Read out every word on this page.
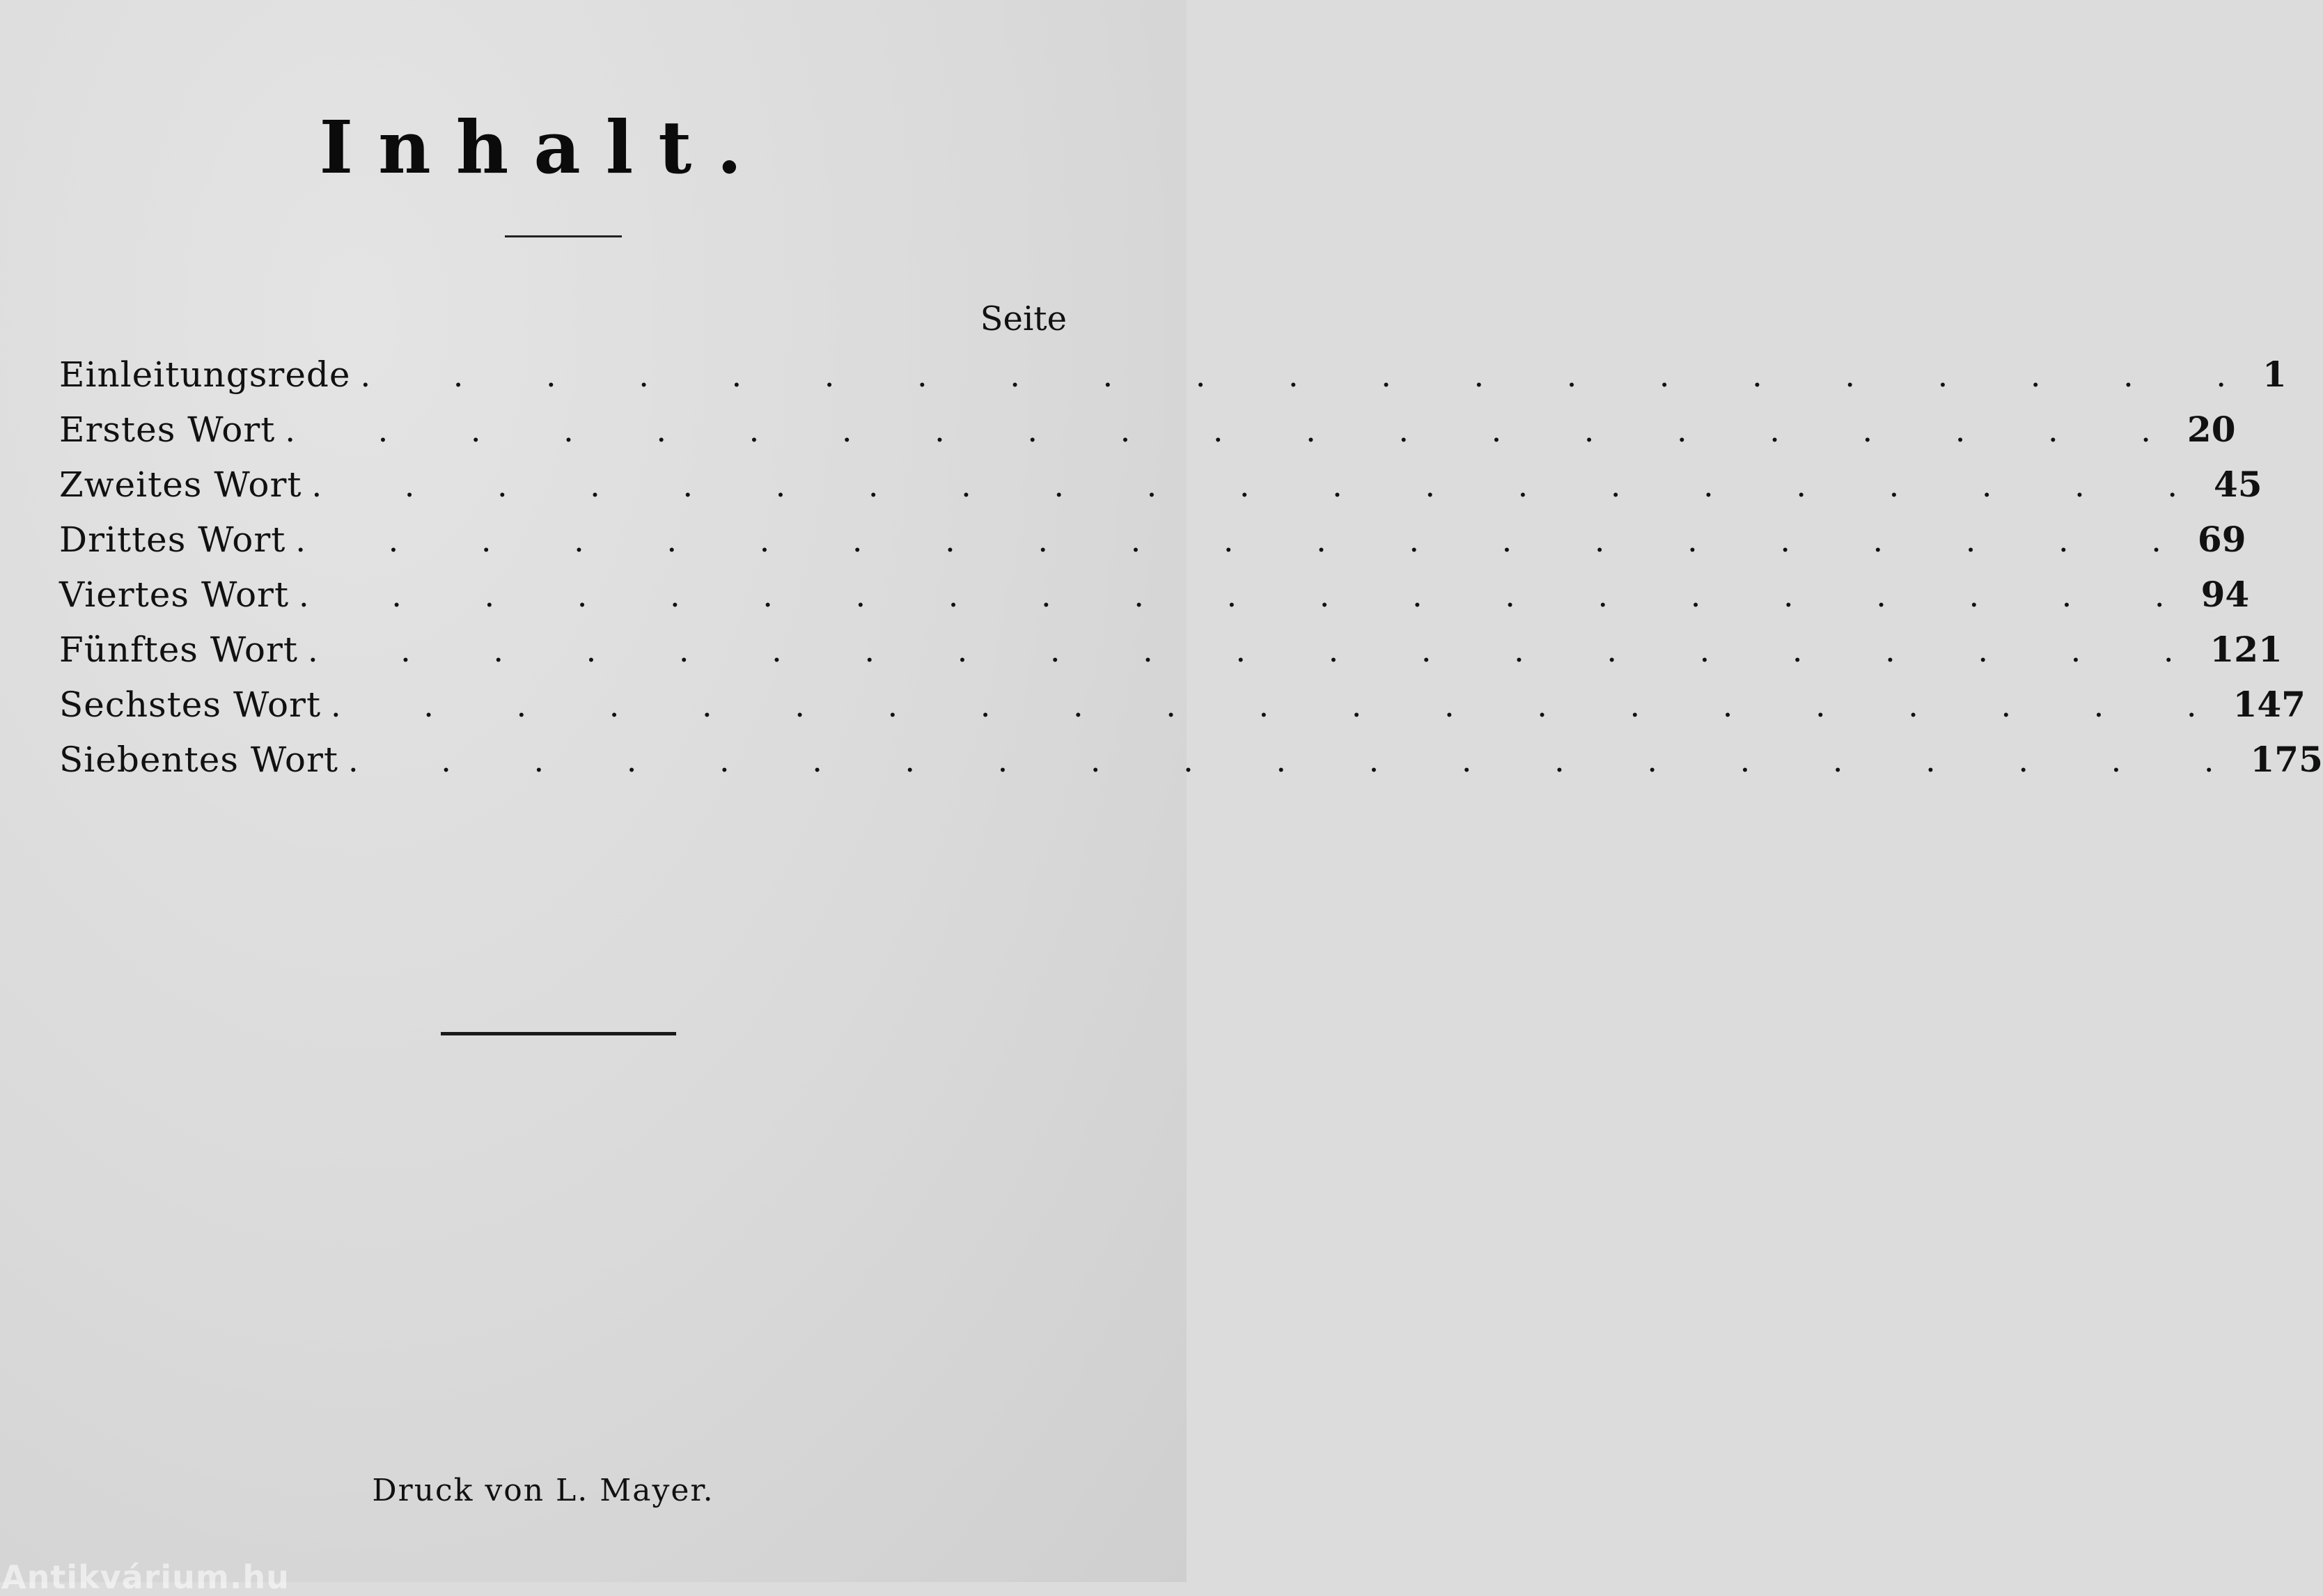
Inhalt.
Seite
Einleitungsrede . . . . . . . . . . . . . . . . . . . . . 1
Erstes Wort . . . . . . . . . . . . . . . . . . . . . 20
Zweites Wort . . . . . . . . . . . . . . . . . . . . . 45
Drittes Wort . . . . . . . . . . . . . . . . . . . . . 69
Viertes Wort . . . . . . . . . . . . . . . . . . . . . 94
Fünftes Wort . . . . . . . . . . . . . . . . . . . . . 121
Sechstes Wort . . . . . . . . . . . . . . . . . . . . . 147
Siebentes Wort . . . . . . . . . . . . . . . . . . . . . 175
Druck von L. Mayer.
Antikvárium.hu
